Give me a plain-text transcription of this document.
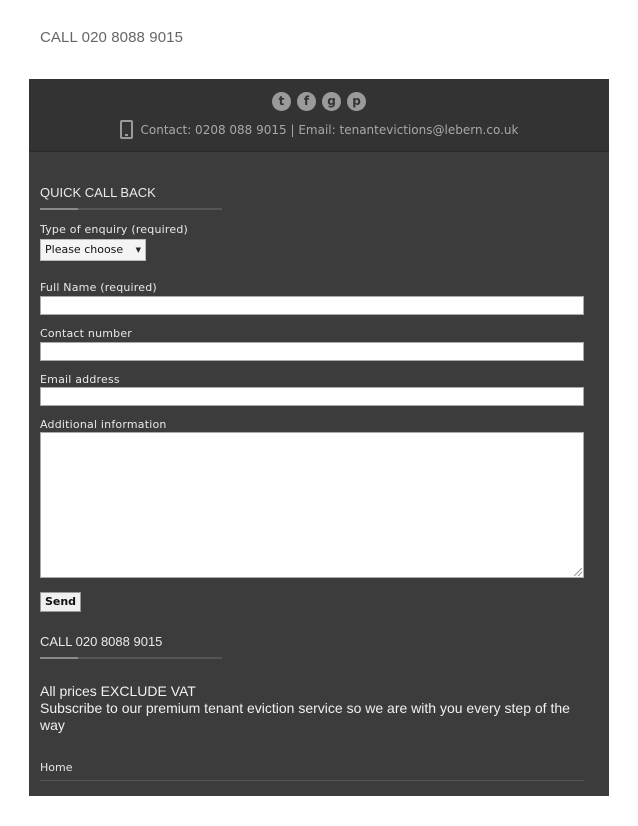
CALL 020 8088 9015
t f g p
Contact: 0208 088 9015 | Email: tenantevictions@lebern.co.uk
QUICK CALL BACK
Type of enquiry (required)
Please choose ▼
Full Name (required)
Contact number
Email address
Additional information
Send
CALL 020 8088 9015
All prices EXCLUDE VAT
Subscribe to our premium tenant eviction service so we are with you every step of the way
Home
